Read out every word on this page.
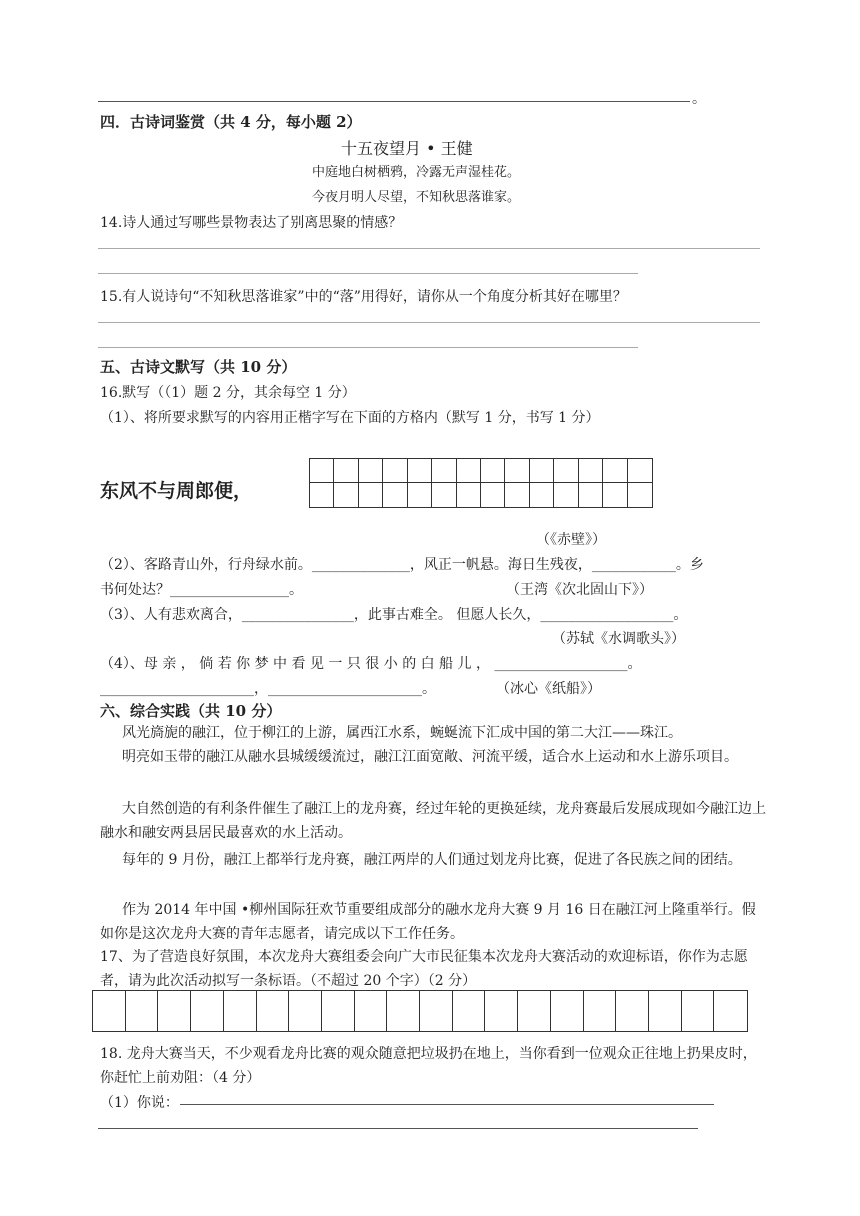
。
四．古诗词鉴赏（共 4 分，每小题 2）
十五夜望月 • 王健
中庭地白树栖鸦，冷露无声湿桂花。
今夜月明人尽望，不知秋思落谁家。
14.诗人通过写哪些景物表达了别离思聚的情感？
15.有人说诗句“不知秋思落谁家”中的“落”用得好，请你从一个角度分析其好在哪里？
五、古诗文默写（共 10 分）
16.默写（（1）题 2 分，其余每空 1 分）
（1）、将所要求默写的内容用正楷字写在下面的方格内（默写 1 分，书写 1 分）
东风不与周郎便，
（《赤壁》）
（2）、客路青山外，行舟绿水前。______________，风正一帆悬。海日生残夜，____________。乡
书何处达？_________________。	（王湾《次北固山下》）
（3）、人有悲欢离合，________________，此事古难全。 但愿人长久，___________________。
（苏轼《水调歌头》）
（4）、母 亲 ， 倘 若 你 梦 中 看 见 一 只 很 小 的 白 船 儿 ， ___________________。
______________________，______________________。	（冰心《纸船》）
六、综合实践（共 10 分）
风光旖旎的融江，位于柳江的上游，属西江水系，蜿蜒流下汇成中国的第二大江——珠江。
明亮如玉带的融江从融水县城缓缓流过，融江江面宽敞、河流平缓，适合水上运动和水上游乐项目。
大自然创造的有利条件催生了融江上的龙舟赛，经过年轮的更换延续，龙舟赛最后发展成现如今融江边上融水和融安两县居民最喜欢的水上活动。
每年的 9 月份，融江上都举行龙舟赛，融江两岸的人们通过划龙舟比赛，促进了各民族之间的团结。
作为 2014 年中国 •柳州国际狂欢节重要组成部分的融水龙舟大赛 9 月 16 日在融江河上隆重举行。假如你是这次龙舟大赛的青年志愿者，请完成以下工作任务。
17、为了营造良好氛围，本次龙舟大赛组委会向广大市民征集本次龙舟大赛活动的欢迎标语，你作为志愿者，请为此次活动拟写一条标语。（不超过 20 个字）（2 分）
18. 龙舟大赛当天，不少观看龙舟比赛的观众随意把垃圾扔在地上，当你看到一位观众正往地上扔果皮时，你赶忙上前劝阻：（4 分）
（1）你说：
